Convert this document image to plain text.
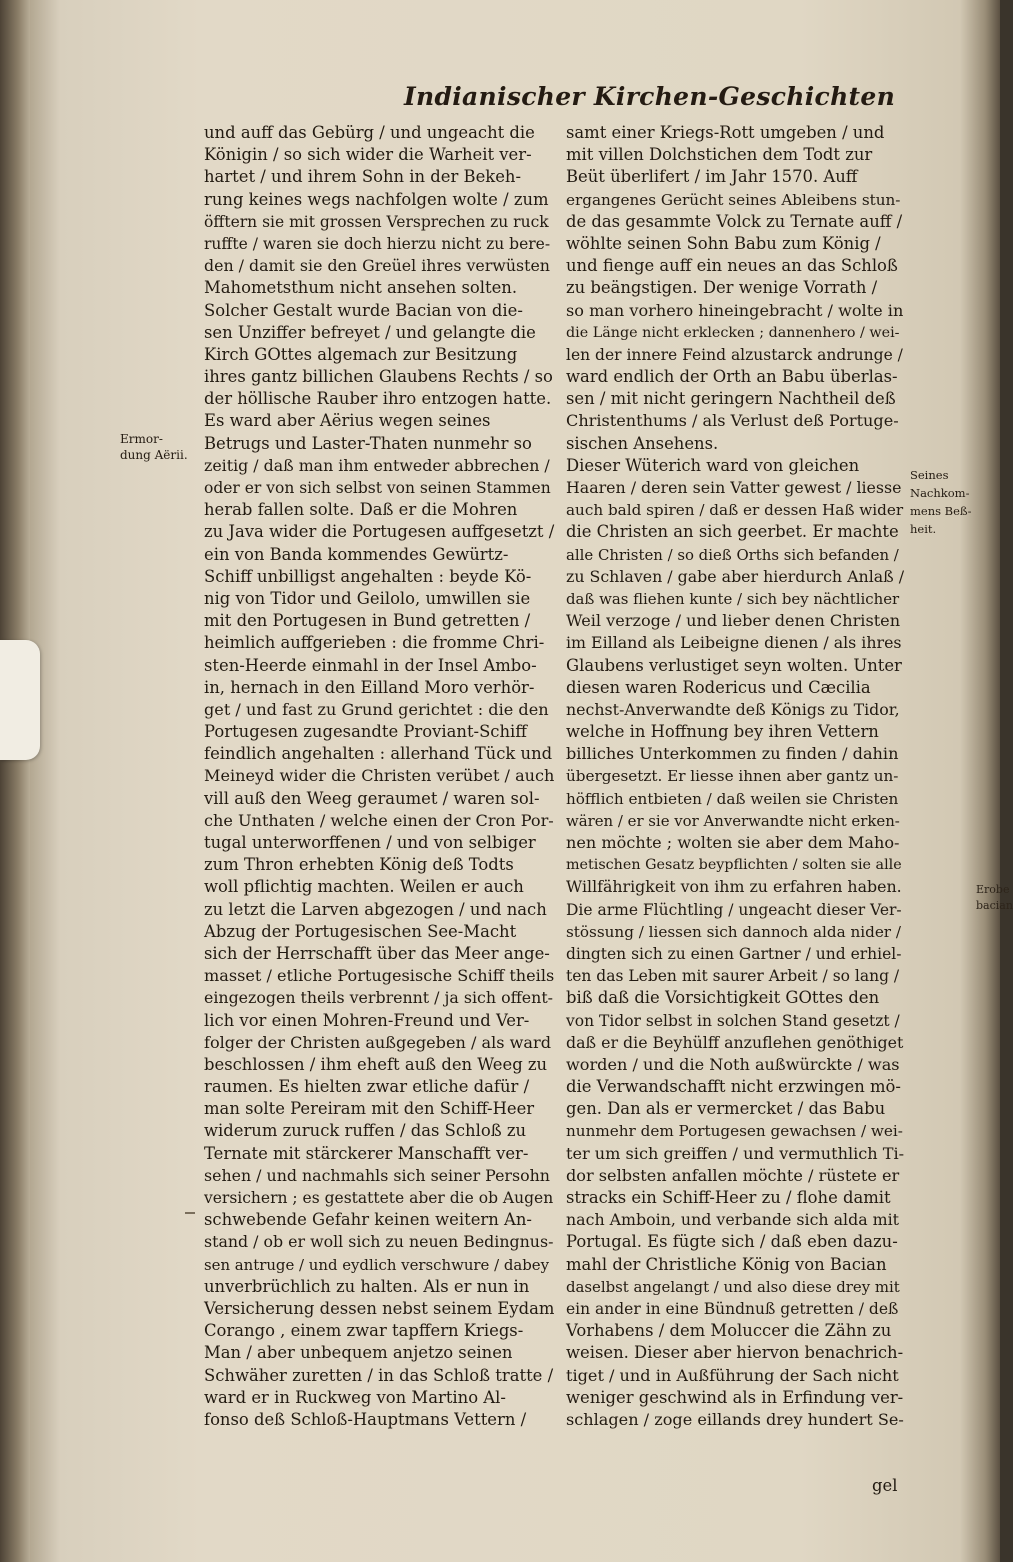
Indianischer Kirchen-Geschichten
Ermor-
dung Aërii.
Seines
Nachkom-
mens Beß-
heit.
Erobe
bacian
und auff das Gebürg / und ungeacht die
Königin / so sich wider die Warheit ver-
hartet / und ihrem Sohn in der Bekeh-
rung keines wegs nachfolgen wolte / zum
öfftern sie mit grossen Versprechen zu ruck
ruffte / waren sie doch hierzu nicht zu bere-
den / damit sie den Greüel ihres verwüsten
Mahometsthum nicht ansehen solten.
Solcher Gestalt wurde Bacian von die-
sen Unziffer befreyet / und gelangte die
Kirch GOttes algemach zur Besitzung
ihres gantz billichen Glaubens Rechts / so
der höllische Rauber ihro entzogen hatte.
Es ward aber Aërius wegen seines
Betrugs und Laster-Thaten nunmehr so
zeitig / daß man ihm entweder abbrechen /
oder er von sich selbst von seinen Stammen
herab fallen solte. Daß er die Mohren
zu Java wider die Portugesen auffgesetzt /
ein von Banda kommendes Gewürtz-
Schiff unbilligst angehalten : beyde Kö-
nig von Tidor und Geilolo, umwillen sie
mit den Portugesen in Bund getretten /
heimlich auffgerieben : die fromme Chri-
sten-Heerde einmahl in der Insel Ambo-
in, hernach in den Eilland Moro verhör-
get / und fast zu Grund gerichtet : die den
Portugesen zugesandte Proviant-Schiff
feindlich angehalten : allerhand Tück und
Meineyd wider die Christen verübet / auch
vill auß den Weeg geraumet / waren sol-
che Unthaten / welche einen der Cron Por-
tugal unterworffenen / und von selbiger
zum Thron erhebten König deß Todts
woll pflichtig machten. Weilen er auch
zu letzt die Larven abgezogen / und nach
Abzug der Portugesischen See-Macht
sich der Herrschafft über das Meer ange-
masset / etliche Portugesische Schiff theils
eingezogen theils verbrennt / ja sich offent-
lich vor einen Mohren-Freund und Ver-
folger der Christen außgegeben / als ward
beschlossen / ihm eheft auß den Weeg zu
raumen. Es hielten zwar etliche dafür /
man solte Pereiram mit den Schiff-Heer
widerum zuruck ruffen / das Schloß zu
Ternate mit stärckerer Manschafft ver-
sehen / und nachmahls sich seiner Persohn
versichern ; es gestattete aber die ob Augen
schwebende Gefahr keinen weitern An-
stand / ob er woll sich zu neuen Bedingnus-
sen antruge / und eydlich verschwure / dabey
unverbrüchlich zu halten. Als er nun in
Versicherung dessen nebst seinem Eydam
Corango , einem zwar tapffern Kriegs-
Man / aber unbequem anjetzo seinen
Schwäher zuretten / in das Schloß tratte /
ward er in Ruckweg von Martino Al-
fonso deß Schloß-Hauptmans Vettern /
samt einer Kriegs-Rott umgeben / und
mit villen Dolchstichen dem Todt zur
Beüt überlifert / im Jahr 1570. Auff
ergangenes Gerücht seines Ableibens stun-
de das gesammte Volck zu Ternate auff /
wöhlte seinen Sohn Babu zum König /
und fienge auff ein neues an das Schloß
zu beängstigen. Der wenige Vorrath /
so man vorhero hineingebracht / wolte in
die Länge nicht erklecken ; dannenhero / wei-
len der innere Feind alzustarck andrunge /
ward endlich der Orth an Babu überlas-
sen / mit nicht geringern Nachtheil deß
Christenthums / als Verlust deß Portuge-
sischen Ansehens.
Dieser Wüterich ward von gleichen
Haaren / deren sein Vatter gewest / liesse
auch bald spiren / daß er dessen Haß wider
die Christen an sich geerbet. Er machte
alle Christen / so dieß Orths sich befanden /
zu Schlaven / gabe aber hierdurch Anlaß /
daß was fliehen kunte / sich bey nächtlicher
Weil verzoge / und lieber denen Christen
im Eilland als Leibeigne dienen / als ihres
Glaubens verlustiget seyn wolten. Unter
diesen waren Rodericus und Cæcilia
nechst-Anverwandte deß Königs zu Tidor,
welche in Hoffnung bey ihren Vettern
billiches Unterkommen zu finden / dahin
übergesetzt. Er liesse ihnen aber gantz un-
höfflich entbieten / daß weilen sie Christen
wären / er sie vor Anverwandte nicht erken-
nen möchte ; wolten sie aber dem Maho-
metischen Gesatz beypflichten / solten sie alle
Willfährigkeit von ihm zu erfahren haben.
Die arme Flüchtling / ungeacht dieser Ver-
stössung / liessen sich dannoch alda nider /
dingten sich zu einen Gartner / und erhiel-
ten das Leben mit saurer Arbeit / so lang /
biß daß die Vorsichtigkeit GOttes den
von Tidor selbst in solchen Stand gesetzt /
daß er die Beyhülff anzuflehen genöthiget
worden / und die Noth außwürckte / was
die Verwandschafft nicht erzwingen mö-
gen. Dan als er vermercket / das Babu
nunmehr dem Portugesen gewachsen / wei-
ter um sich greiffen / und vermuthlich Ti-
dor selbsten anfallen möchte / rüstete er
stracks ein Schiff-Heer zu / flohe damit
nach Amboin, und verbande sich alda mit
Portugal. Es fügte sich / daß eben dazu-
mahl der Christliche König von Bacian
daselbst angelangt / und also diese drey mit
ein ander in eine Bündnuß getretten / deß
Vorhabens / dem Moluccer die Zähn zu
weisen. Dieser aber hiervon benachrich-
tiget / und in Außführung der Sach nicht
weniger geschwind als in Erfindung ver-
schlagen / zoge eillands drey hundert Se-
gel
